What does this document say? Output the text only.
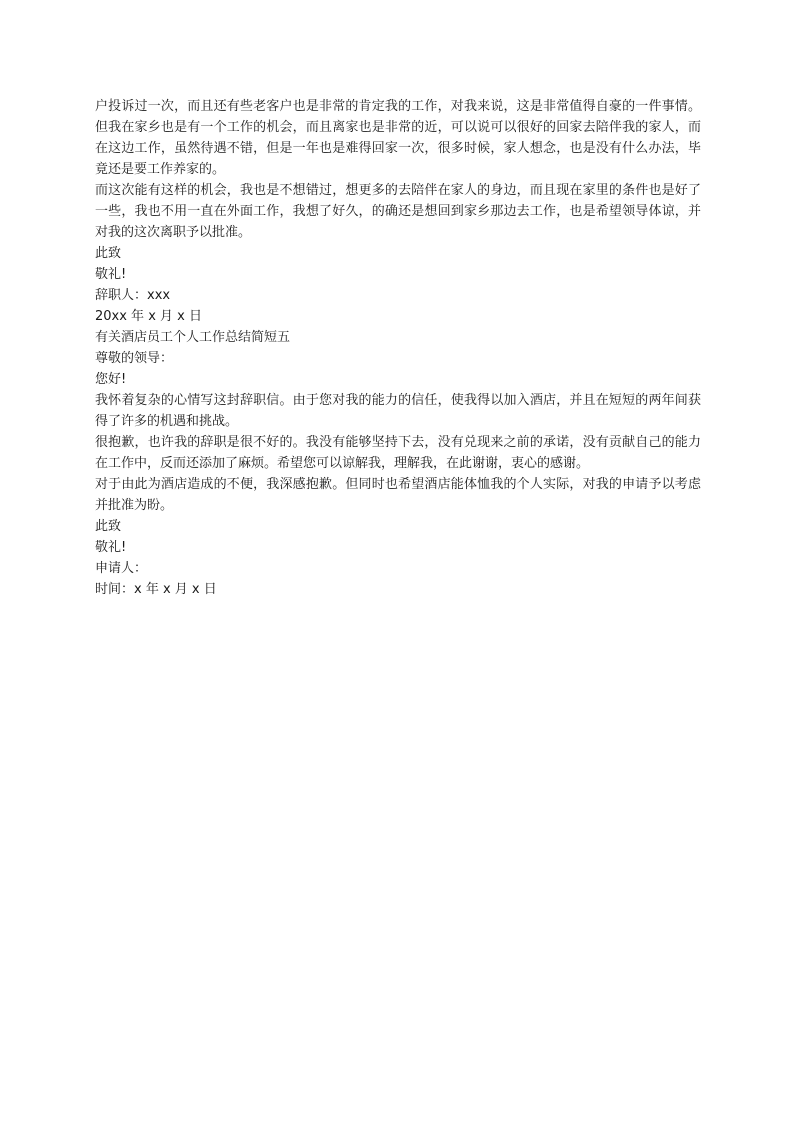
户投诉过一次，而且还有些老客户也是非常的肯定我的工作，对我来说，这是非常值得自豪的一件事情。但我在家乡也是有一个工作的机会，而且离家也是非常的近，可以说可以很好的回家去陪伴我的家人，而在这边工作，虽然待遇不错，但是一年也是难得回家一次，很多时候，家人想念，也是没有什么办法，毕竟还是要工作养家的。

而这次能有这样的机会，我也是不想错过，想更多的去陪伴在家人的身边，而且现在家里的条件也是好了一些，我也不用一直在外面工作，我想了好久，的确还是想回到家乡那边去工作，也是希望领导体谅，并对我的这次离职予以批准。

此致

敬礼!

辞职人：xxx

20xx 年 x 月 x 日

有关酒店员工个人工作总结简短五

尊敬的领导：

您好!

我怀着复杂的心情写这封辞职信。由于您对我的能力的信任，使我得以加入酒店，并且在短短的两年间获得了许多的机遇和挑战。

很抱歉，也许我的辞职是很不好的。我没有能够坚持下去，没有兑现来之前的承诺，没有贡献自己的能力在工作中，反而还添加了麻烦。希望您可以谅解我，理解我，在此谢谢，衷心的感谢。

对于由此为酒店造成的不便，我深感抱歉。但同时也希望酒店能体恤我的个人实际，对我的申请予以考虑并批准为盼。

此致

敬礼!

申请人：

时间：x 年 x 月 x 日
